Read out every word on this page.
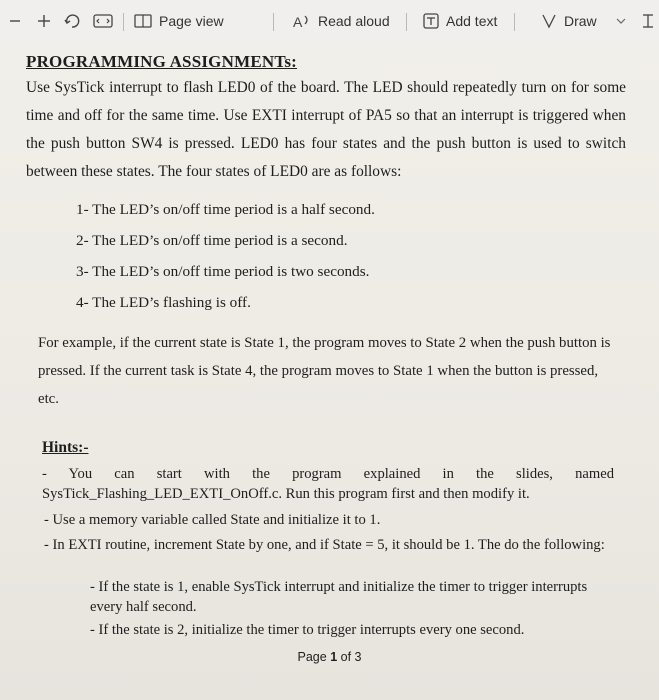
Page view	A Read aloud	Add text	Draw
PROGRAMMING ASSIGNMENTs:
Use SysTick interrupt to flash LED0 of the board. The LED should repeatedly turn on for some time and off for the same time. Use EXTI interrupt of PA5 so that an interrupt is triggered when the push button SW4 is pressed. LED0 has four states and the push button is used to switch between these states. The four states of LED0 are as follows:
1- The LED’s on/off time period is a half second.
2- The LED’s on/off time period is a second.
3- The LED’s on/off time period is two seconds.
4- The LED’s flashing is off.
For example, if the current state is State 1, the program moves to State 2 when the push button is pressed. If the current task is State 4, the program moves to State 1 when the button is pressed, etc.
Hints:-
- You can start with the program explained in the slides, named SysTick_Flashing_LED_EXTI_OnOff.c. Run this program first and then modify it.
- Use a memory variable called State and initialize it to 1.
- In EXTI routine, increment State by one, and if State = 5, it should be 1. The do the following:
- If the state is 1, enable SysTick interrupt and initialize the timer to trigger interrupts every half second.
- If the state is 2, initialize the timer to trigger interrupts every one second.
Page 1 of 3
